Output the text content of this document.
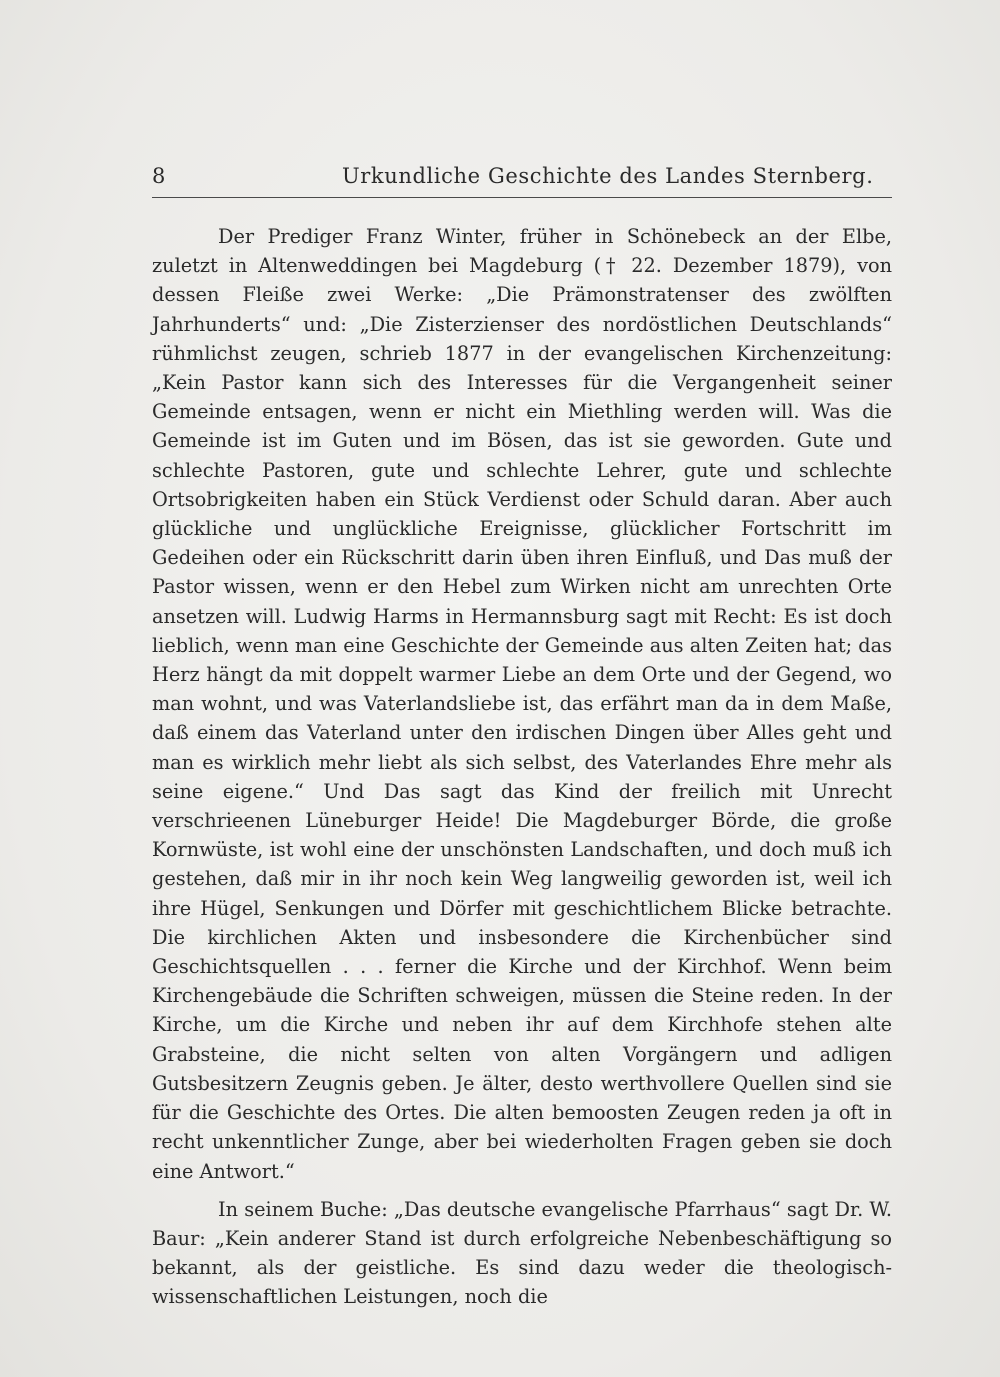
8	Urkundliche Geschichte des Landes Sternberg.

Der Prediger Franz Winter, früher in Schönebeck an der Elbe, zuletzt in Altenweddingen bei Magdeburg († 22. Dezember 1879), von dessen Fleiße zwei Werke: „Die Prämonstratenser des zwölften Jahrhunderts“ und: „Die Zisterzienser des nordöstlichen Deutschlands“ rühmlichst zeugen, schrieb 1877 in der evangelischen Kirchenzeitung: „Kein Pastor kann sich des Interesses für die Vergangenheit seiner Gemeinde entsagen, wenn er nicht ein Miethling werden will. Was die Gemeinde ist im Guten und im Bösen, das ist sie geworden. Gute und schlechte Pastoren, gute und schlechte Lehrer, gute und schlechte Ortsobrigkeiten haben ein Stück Verdienst oder Schuld daran. Aber auch glückliche und unglückliche Ereignisse, glücklicher Fortschritt im Gedeihen oder ein Rückschritt darin üben ihren Einfluß, und Das muß der Pastor wissen, wenn er den Hebel zum Wirken nicht am unrechten Orte ansetzen will. Ludwig Harms in Hermannsburg sagt mit Recht: Es ist doch lieblich, wenn man eine Geschichte der Gemeinde aus alten Zeiten hat; das Herz hängt da mit doppelt warmer Liebe an dem Orte und der Gegend, wo man wohnt, und was Vaterlandsliebe ist, das erfährt man da in dem Maße, daß einem das Vaterland unter den irdischen Dingen über Alles geht und man es wirklich mehr liebt als sich selbst, des Vaterlandes Ehre mehr als seine eigene.“ Und Das sagt das Kind der freilich mit Unrecht verschrieenen Lüneburger Heide! Die Magdeburger Börde, die große Kornwüste, ist wohl eine der unschönsten Landschaften, und doch muß ich gestehen, daß mir in ihr noch kein Weg langweilig geworden ist, weil ich ihre Hügel, Senkungen und Dörfer mit geschichtlichem Blicke betrachte. Die kirchlichen Akten und insbesondere die Kirchenbücher sind Geschichtsquellen . . . ferner die Kirche und der Kirchhof. Wenn beim Kirchengebäude die Schriften schweigen, müssen die Steine reden. In der Kirche, um die Kirche und neben ihr auf dem Kirchhofe stehen alte Grabsteine, die nicht selten von alten Vorgängern und adligen Gutsbesitzern Zeugnis geben. Je älter, desto werthvollere Quellen sind sie für die Geschichte des Ortes. Die alten bemoosten Zeugen reden ja oft in recht unkenntlicher Zunge, aber bei wiederholten Fragen geben sie doch eine Antwort.“

In seinem Buche: „Das deutsche evangelische Pfarrhaus“ sagt Dr. W. Baur: „Kein anderer Stand ist durch erfolgreiche Nebenbeschäftigung so bekannt, als der geistliche. Es sind dazu weder die theologisch-wissenschaftlichen Leistungen, noch die
